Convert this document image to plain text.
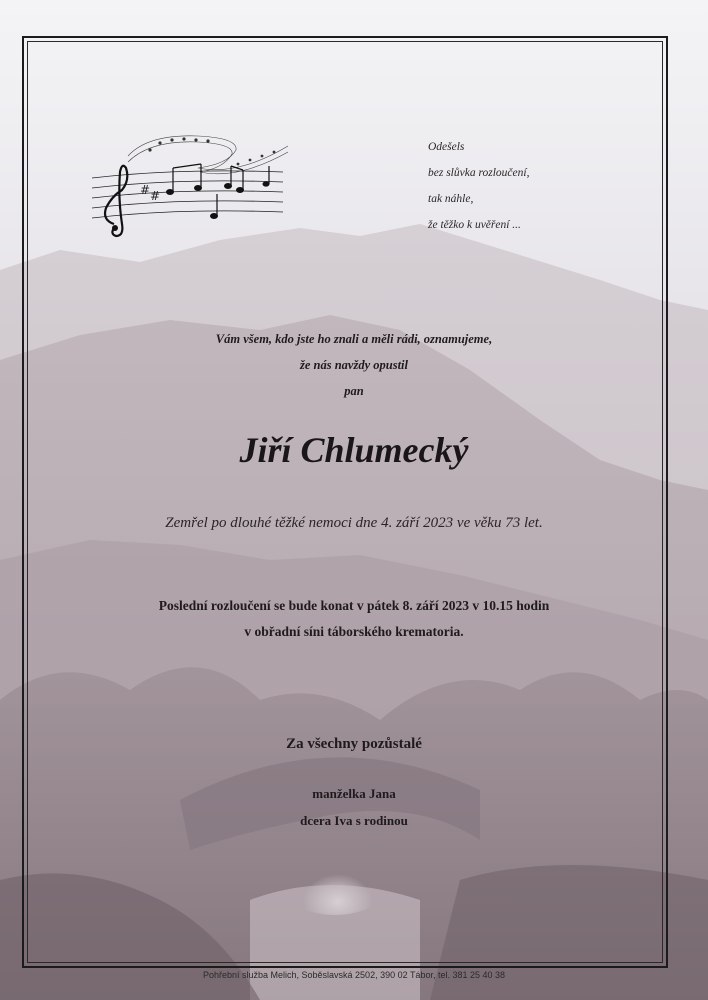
# #
Odešels
bez slůvka rozloučení,
tak náhle,
že těžko k uvěření ...
Vám všem, kdo jste ho znali a měli rádi, oznamujeme,
že nás navždy opustil
pan
Jiří Chlumecký
Zemřel po dlouhé těžké nemoci dne 4. září 2023 ve věku 73 let.
Poslední rozloučení se bude konat v pátek 8. září 2023 v 10.15 hodin
v obřadní síni táborského krematoria.
Za všechny pozůstalé
manželka Jana
dcera Iva s rodinou
Pohřební služba Melich, Soběslavská 2502, 390 02 Tábor, tel. 381 25 40 38
